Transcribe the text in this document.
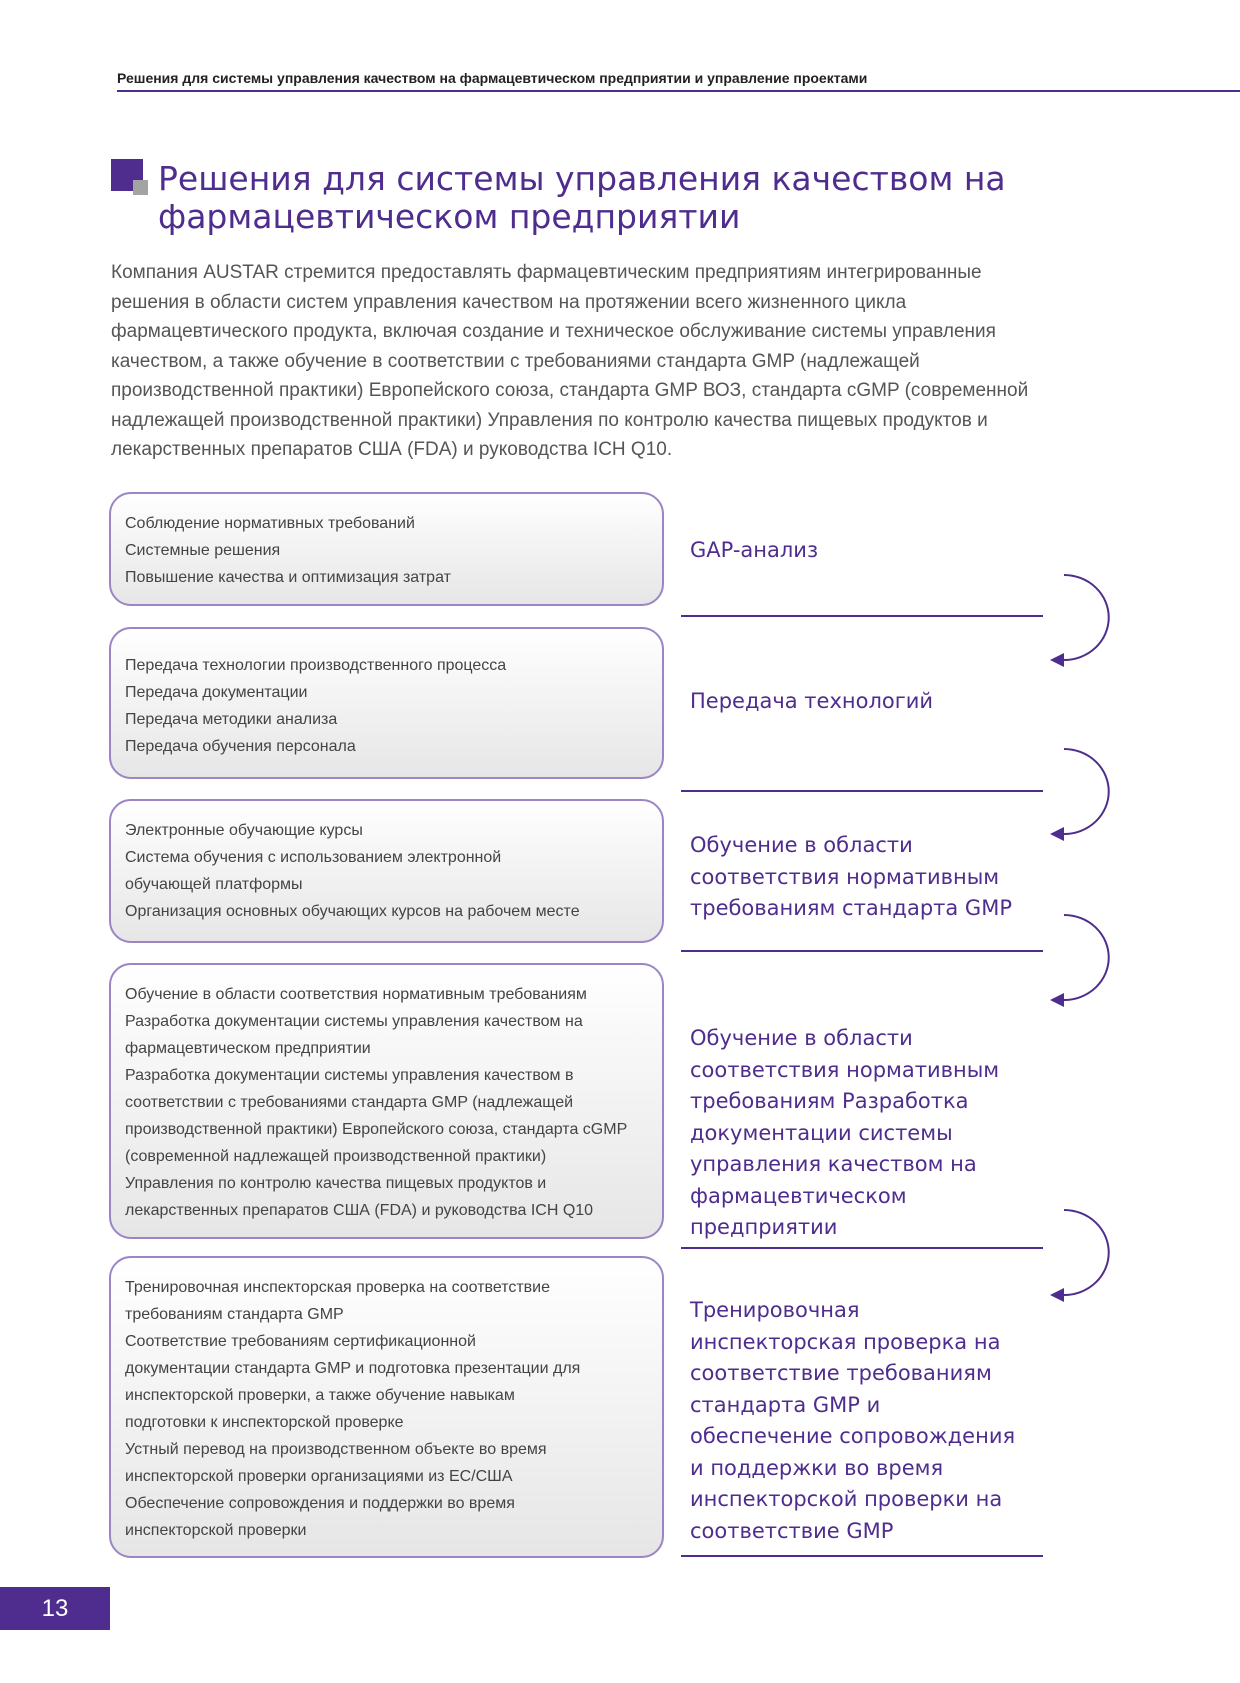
Решения для системы управления качеством на фармацевтическом предприятии и управление проектами
Решения для системы управления качеством на фармацевтическом предприятии
Компания AUSTAR стремится предоставлять фармацевтическим предприятиям интегрированные решения в области систем управления качеством на протяжении всего жизненного цикла фармацевтического продукта, включая создание и техническое обслуживание системы управления качеством, а также обучение в соответствии с требованиями стандарта GMP (надлежащей производственной практики) Европейского союза, стандарта GMP ВОЗ, стандарта cGMP (современной надлежащей производственной практики) Управления по контролю качества пищевых продуктов и лекарственных препаратов США (FDA) и руководства ICH Q10.
Соблюдение нормативных требований
Системные решения
Повышение качества и оптимизация затрат
GAP-анализ
Передача технологии производственного процесса
Передача документации
Передача методики анализа
Передача обучения персонала
Передача технологий
Электронные обучающие курсы
Система обучения с использованием электронной обучающей платформы
Организация основных обучающих курсов на рабочем месте
Обучение в области соответствия нормативным требованиям стандарта GMP
Обучение в области соответствия нормативным требованиям
Разработка документации системы управления качеством на фармацевтическом предприятии
Разработка документации системы управления качеством в соответствии с требованиями стандарта GMP (надлежащей производственной практики) Европейского союза, стандарта cGMP (современной надлежащей производственной практики)
Управления по контролю качества пищевых продуктов и лекарственных препаратов США (FDA) и руководства ICH Q10
Обучение в области соответствия нормативным требованиям Разработка документации системы управления качеством на фармацевтическом предприятии
Тренировочная инспекторская проверка на соответствие требованиям стандарта GMP
Соответствие требованиям сертификационной документации стандарта GMP и подготовка презентации для инспекторской проверки, а также обучение навыкам подготовки к инспекторской проверке
Устный перевод на производственном объекте во время инспекторской проверки организациями из ЕС/США
Обеспечение сопровождения и поддержки во время инспекторской проверки
Тренировочная инспекторская проверка на соответствие требованиям стандарта GMP и обеспечение сопровождения и поддержки во время инспекторской проверки на соответствие GMP
13
